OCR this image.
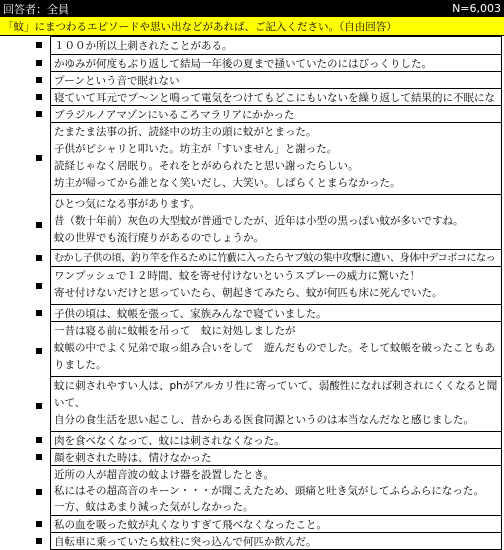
回答者：全員	N=6,003
「蚊」にまつわるエピソードや思い出などがあれば、ご記入ください。（自由回答）
１００か所以上刺されたことがある。
かゆみが何度もぶり返して結局一年後の夏まで掻いていたのにはびっくりした。
プーンという音で眠れない
寝ていて耳元でプ～ンと鳴って電気をつけてもどこにもいないを繰り返して結果的に不眠にな
ブラジルノアマゾンにいるころマラリアにかかった
たまたま法事の折、読経中の坊主の頭に蚊がとまった。
子供がピシャリと叩いた。坊主が「すいません」と謝った。
読経じゃなく居眠り。それをとがめられたと思い謝ったらしい。
坊主が帰ってから誰となく笑いだし、大笑い。しばらくとまらなかった。
ひとつ気になる事があります。
昔（数十年前）灰色の大型蚊が普通でしたが、近年は小型の黒っぽい蚊が多いですね。
蚊の世界でも流行廃りがあるのでしょうか。
むかし子供の頃、釣り竿を作るために竹藪に入ったらヤブ蚊の集中攻撃に遭い、身体中デコボコになっ
ワンプッシュで１２時間、蚊を寄せ付けないというスプレーの威力に驚いた！
寄せ付けないだけと思っていたら、朝起きてみたら、蚊が何匹も床に死んでいた。
子供の頃は、蚊帳を張って、家族みんなで寝ていました。
一昔は寝る前に蚊帳を吊って　蚊に対処しましたが
蚊帳の中でよく兄弟で取っ組み合いをして　遊んだものでした。そして蚊帳を破ったこともありました。
蚊に刺されやすい人は、phがアルカリ性に寄っていて、弱酸性になれば刺されにくくなると聞いて、
自分の食生活を思い起こし、昔からある医食同源というのは本当なんだなと感じました。
肉を食べなくなって、蚊には刺されなくなった。
顔を刺された時は、情けなかった
近所の人が超音波の蚊よけ器を設置したとき。
私にはその超高音のキーン・・・が聞こえたため、頭痛と吐き気がしてふらふらになった。
一方、蚊はあまり減った気がしなかった。
私の血を吸った蚊が丸くなりすぎて飛べなくなったこと。
自転車に乗っていたら蚊柱に突っ込んで何匹か飲んだ。
